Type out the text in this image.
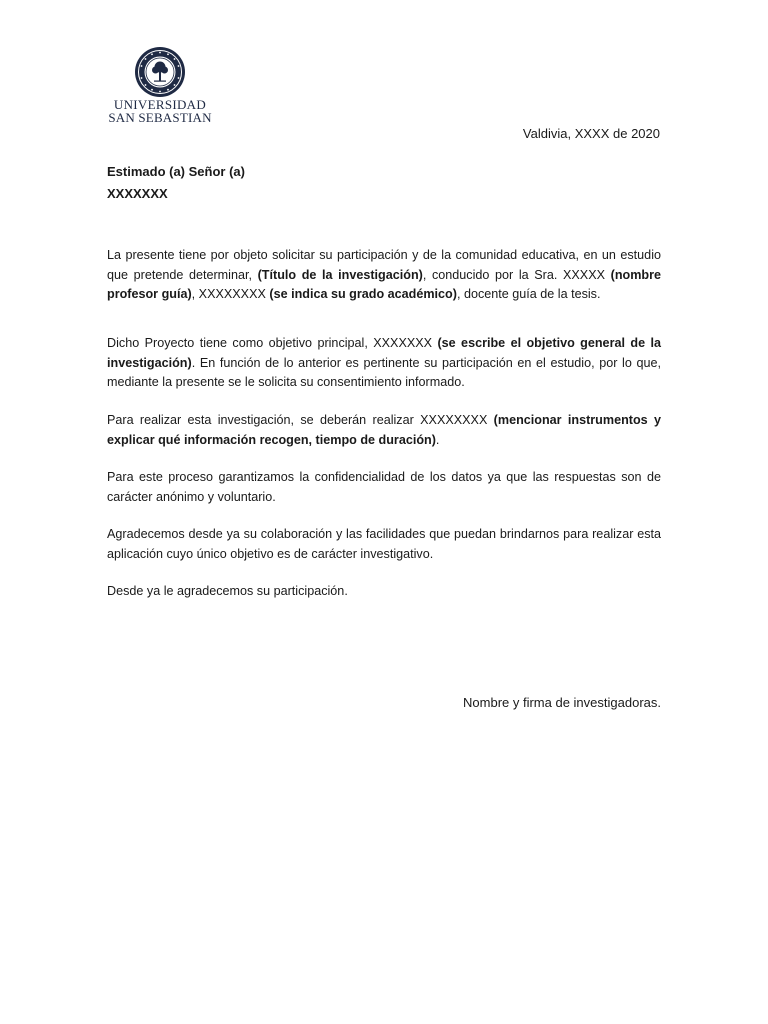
UNIVERSIDAD
SAN SEBASTIAN
Valdivia, XXXX de 2020
Estimado (a) Señor (a)
XXXXXXX
La presente tiene por objeto solicitar su participación y de la comunidad educativa, en un estudio que pretende determinar, (Título de la investigación), conducido por la Sra. XXXXX (nombre profesor guía), XXXXXXXX (se indica su grado académico), docente guía de la tesis.
Dicho Proyecto tiene como objetivo principal, XXXXXXX (se escribe el objetivo general de la investigación). En función de lo anterior es pertinente su participación en el estudio, por lo que, mediante la presente se le solicita su consentimiento informado.
Para realizar esta investigación, se deberán realizar XXXXXXXX (mencionar instrumentos y explicar qué información recogen, tiempo de duración).
Para este proceso garantizamos la confidencialidad de los datos ya que las respuestas son de carácter anónimo y voluntario.
Agradecemos desde ya su colaboración y las facilidades que puedan brindarnos para realizar esta aplicación cuyo único objetivo es de carácter investigativo.
Desde ya le agradecemos su participación.
Nombre y firma de investigadoras.
